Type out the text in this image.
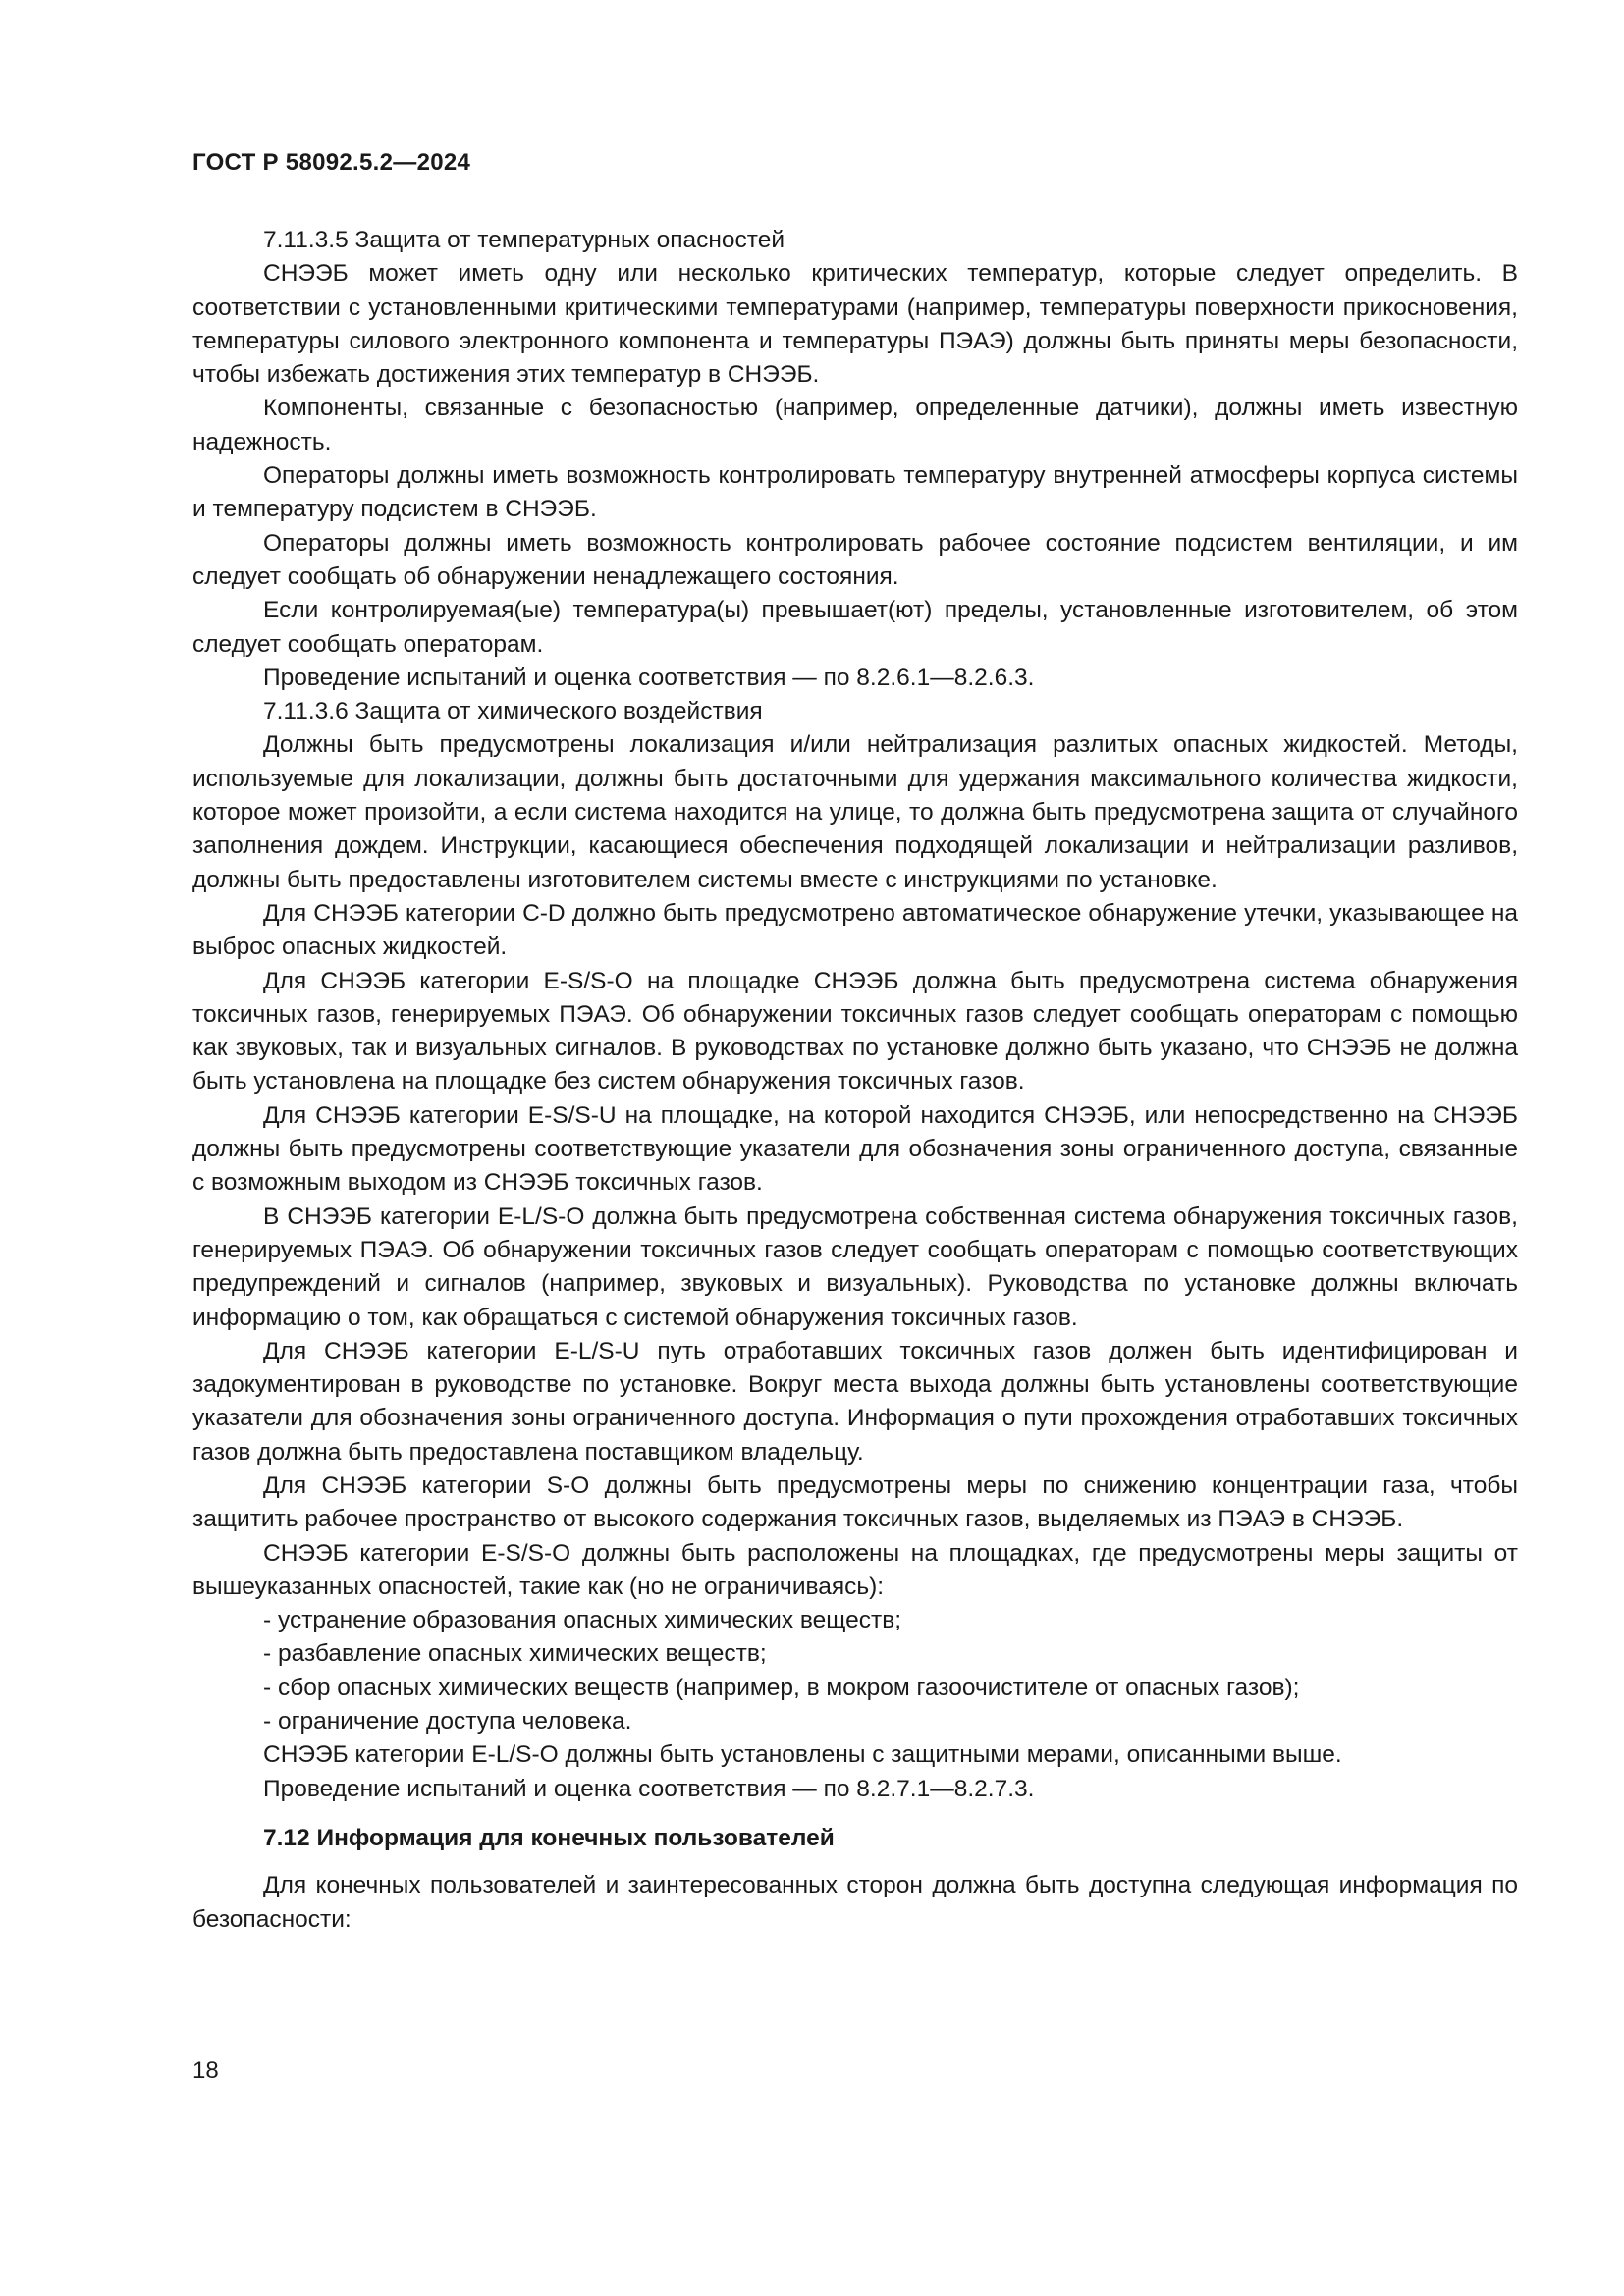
ГОСТ Р 58092.5.2—2024

7.11.3.5 Защита от температурных опасностей

СНЭЭБ может иметь одну или несколько критических температур, которые следует определить. В соответствии с установленными критическими температурами (например, температуры поверхности прикосновения, температуры силового электронного компонента и температуры ПЭАЭ) должны быть приняты меры безопасности, чтобы избежать достижения этих температур в СНЭЭБ.

Компоненты, связанные с безопасностью (например, определенные датчики), должны иметь известную надежность.

Операторы должны иметь возможность контролировать температуру внутренней атмосферы корпуса системы и температуру подсистем в СНЭЭБ.

Операторы должны иметь возможность контролировать рабочее состояние подсистем вентиляции, и им следует сообщать об обнаружении ненадлежащего состояния.

Если контролируемая(ые) температура(ы) превышает(ют) пределы, установленные изготовителем, об этом следует сообщать операторам.

Проведение испытаний и оценка соответствия — по 8.2.6.1—8.2.6.3.

7.11.3.6 Защита от химического воздействия

Должны быть предусмотрены локализация и/или нейтрализация разлитых опасных жидкостей. Методы, используемые для локализации, должны быть достаточными для удержания максимального количества жидкости, которое может произойти, а если система находится на улице, то должна быть предусмотрена защита от случайного заполнения дождем. Инструкции, касающиеся обеспечения подходящей локализации и нейтрализации разливов, должны быть предоставлены изготовителем системы вместе с инструкциями по установке.

Для СНЭЭБ категории C-D должно быть предусмотрено автоматическое обнаружение утечки, указывающее на выброс опасных жидкостей.

Для СНЭЭБ категории E-S/S-O на площадке СНЭЭБ должна быть предусмотрена система обнаружения токсичных газов, генерируемых ПЭАЭ. Об обнаружении токсичных газов следует сообщать операторам с помощью как звуковых, так и визуальных сигналов. В руководствах по установке должно быть указано, что СНЭЭБ не должна быть установлена на площадке без систем обнаружения токсичных газов.

Для СНЭЭБ категории E-S/S-U на площадке, на которой находится СНЭЭБ, или непосредственно на СНЭЭБ должны быть предусмотрены соответствующие указатели для обозначения зоны ограниченного доступа, связанные с возможным выходом из СНЭЭБ токсичных газов.

В СНЭЭБ категории E-L/S-O должна быть предусмотрена собственная система обнаружения токсичных газов, генерируемых ПЭАЭ. Об обнаружении токсичных газов следует сообщать операторам с помощью соответствующих предупреждений и сигналов (например, звуковых и визуальных). Руководства по установке должны включать информацию о том, как обращаться с системой обнаружения токсичных газов.

Для СНЭЭБ категории E-L/S-U путь отработавших токсичных газов должен быть идентифицирован и задокументирован в руководстве по установке. Вокруг места выхода должны быть установлены соответствующие указатели для обозначения зоны ограниченного доступа. Информация о пути прохождения отработавших токсичных газов должна быть предоставлена поставщиком владельцу.

Для СНЭЭБ категории S-O должны быть предусмотрены меры по снижению концентрации газа, чтобы защитить рабочее пространство от высокого содержания токсичных газов, выделяемых из ПЭАЭ в СНЭЭБ.

СНЭЭБ категории E-S/S-O должны быть расположены на площадках, где предусмотрены меры защиты от вышеуказанных опасностей, такие как (но не ограничиваясь):

- устранение образования опасных химических веществ;

- разбавление опасных химических веществ;

- сбор опасных химических веществ (например, в мокром газоочистителе от опасных газов);

- ограничение доступа человека.

СНЭЭБ категории E-L/S-O должны быть установлены с защитными мерами, описанными выше.

Проведение испытаний и оценка соответствия — по 8.2.7.1—8.2.7.3.

7.12 Информация для конечных пользователей

Для конечных пользователей и заинтересованных сторон должна быть доступна следующая информация по безопасности:

18
